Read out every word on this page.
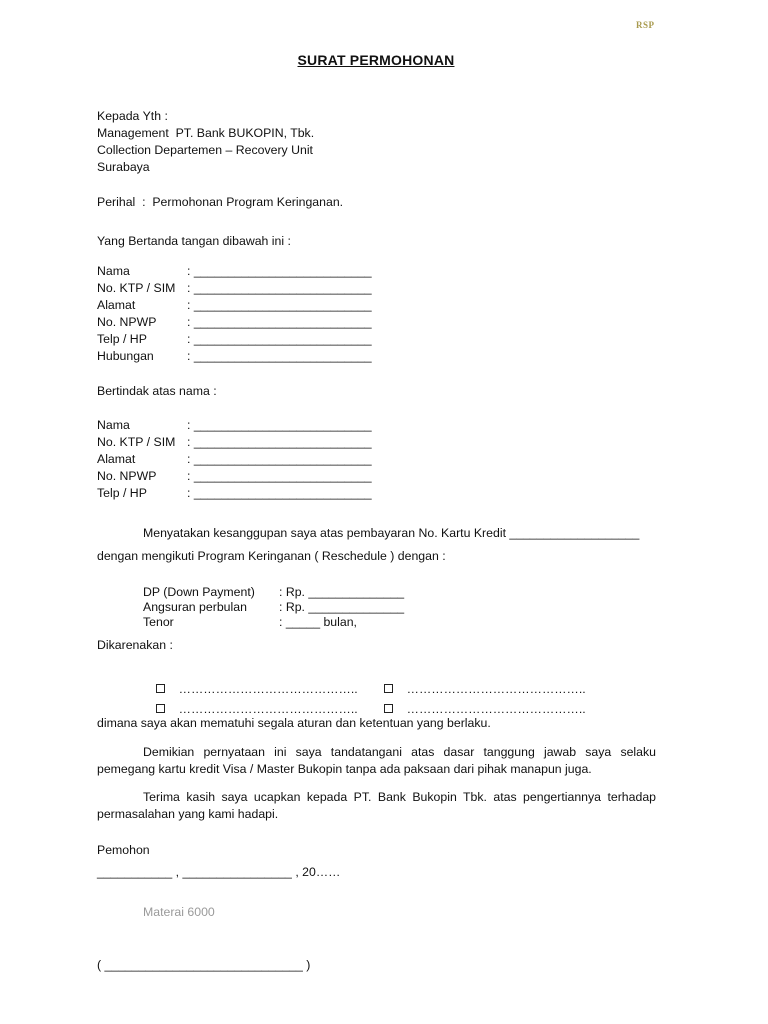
RSP
SURAT PERMOHONAN
Kepada Yth :
Management  PT. Bank BUKOPIN, Tbk.
Collection Departemen – Recovery Unit
Surabaya
Perihal  :  Permohonan Program Keringanan.
Yang Bertanda tangan dibawah ini :
Nama	: __________________________
No. KTP / SIM : __________________________
Alamat	: __________________________
No. NPWP	: __________________________
Telp / HP	: __________________________
Hubungan	: __________________________
Bertindak atas nama :
Nama	: __________________________
No. KTP / SIM : __________________________
Alamat	: __________________________
No. NPWP	: __________________________
Telp / HP	: __________________________
Menyatakan kesanggupan saya atas pembayaran No. Kartu Kredit ___________________
dengan mengikuti Program Keringanan ( Reschedule ) dengan :
DP (Down Payment) : Rp. ______________
Angsuran perbulan	: Rp. ______________
Tenor	: _____ bulan,
Dikarenakan :

……………………………………..
	……………………………………..

……………………………………..
	……………………………………..

dimana saya akan mematuhi segala aturan dan ketentuan yang berlaku.
Demikian pernyataan ini saya tandatangani atas dasar tanggung jawab saya selaku pemegang kartu kredit Visa / Master Bukopin tanpa ada paksaan dari pihak manapun juga.
Terima kasih saya ucapkan kepada PT. Bank Bukopin Tbk. atas pengertiannya terhadap permasalahan yang kami hadapi.
Pemohon
___________ , ________________ , 20……
Materai 6000
( _____________________________ )
